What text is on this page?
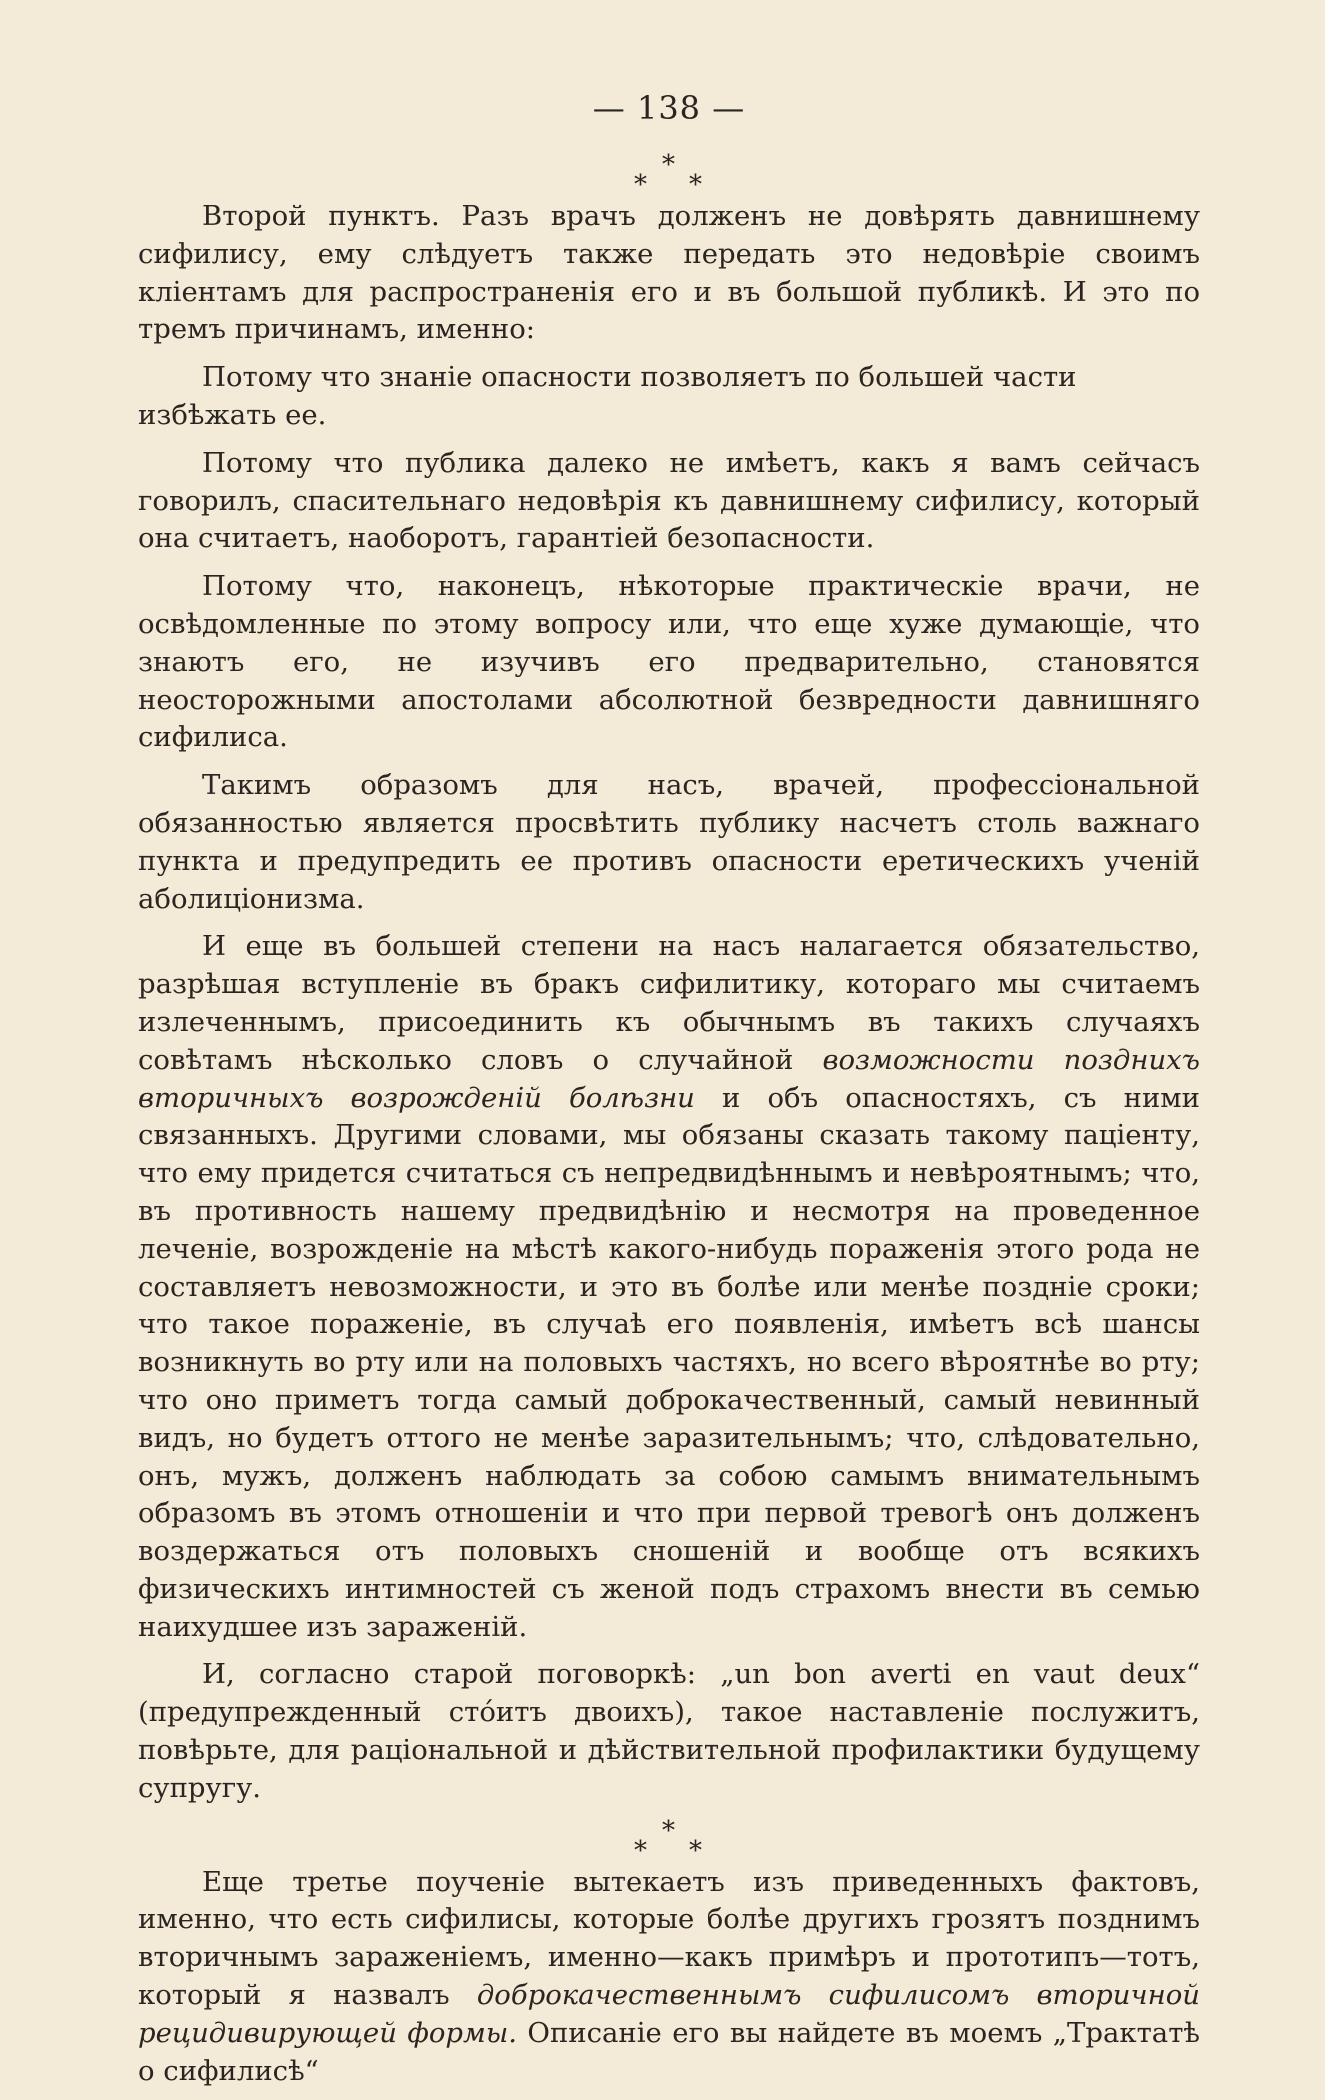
— 138 —
*
* *

Второй пунктъ. Разъ врачъ долженъ не довѣрять давнишнему сифилису, ему слѣдуетъ также передать это недовѣріе своимъ клiентамъ для распространенія его и въ большой публикѣ. И это по тремъ причинамъ, именно:

Потому что знаніе опасности позволяетъ по большей части избѣжать ее.

Потому что публика далеко не имѣетъ, какъ я вамъ сейчасъ говорилъ, спасительнаго недовѣрія къ давнишнему сифилису, который она считаетъ, наоборотъ, гарантiей безопасности.

Потому что, наконецъ, нѣкоторые практическіе врачи, не освѣдомленные по этому вопросу или, что еще хуже думающіе, что знаютъ его, не изучивъ его предварительно, становятся неосторожными апостолами абсолютной безвредности давнишняго сифилиса.

Такимъ образомъ для насъ, врачей, профессiональной обязанностью является просвѣтить публику насчетъ столь важнаго пункта и предупредить ее противъ опасности еретическихъ ученій аболиціонизма.

И еще въ большей степени на насъ налагается обязательство, разрѣшая вступленіе въ бракъ сифилитику, котораго мы считаемъ излеченнымъ, присоединить къ обычнымъ въ такихъ случаяхъ совѣтамъ нѣсколько словъ о случайной возможности позднихъ вторичныхъ возрожденій болѣзни и объ опасностяхъ, съ ними связанныхъ. Другими словами, мы обязаны сказать такому паціенту, что ему придется считаться съ непредвидѣннымъ и невѣроятнымъ; что, въ противность нашему предвидѣнію и несмотря на проведенное леченіе, возрожденіе на мѣстѣ какого-нибудь пораженія этого рода не составляетъ невозможности, и это въ болѣе или менѣе поздніе сроки; что такое пораженіе, въ случаѣ его появленія, имѣетъ всѣ шансы возникнуть во рту или на половыхъ частяхъ, но всего вѣроятнѣе во рту; что оно приметъ тогда самый доброкачественный, самый невинный видъ, но будетъ оттого не менѣе заразительнымъ; что, слѣдовательно, онъ, мужъ, долженъ наблюдать за собою самымъ внимательнымъ образомъ въ этомъ отношеніи и что при первой тревогѣ онъ долженъ воздержаться отъ половыхъ сношеній и вообще отъ всякихъ физическихъ интимностей съ женой подъ страхомъ внести въ семью наихудшее изъ зараженій.

И, согласно старой поговоркѣ: „un bon averti en vaut deux“ (предупрежденный стóитъ двоихъ), такое наставленіе послужитъ, повѣрьте, для раціональной и дѣйствительной профилактики будущему супругу.

*
* *

Еще третье поученіе вытекаетъ изъ приведенныхъ фактовъ, именно, что есть сифилисы, которые болѣе другихъ грозятъ позднимъ вторичнымъ зараженіемъ, именно—какъ примѣръ и прототипъ—тотъ, который я назвалъ доброкачественнымъ сифилисомъ вторичной рецидивирующей формы. Описаніе его вы найдете въ моемъ „Трактатѣ о сифилисѣ“
